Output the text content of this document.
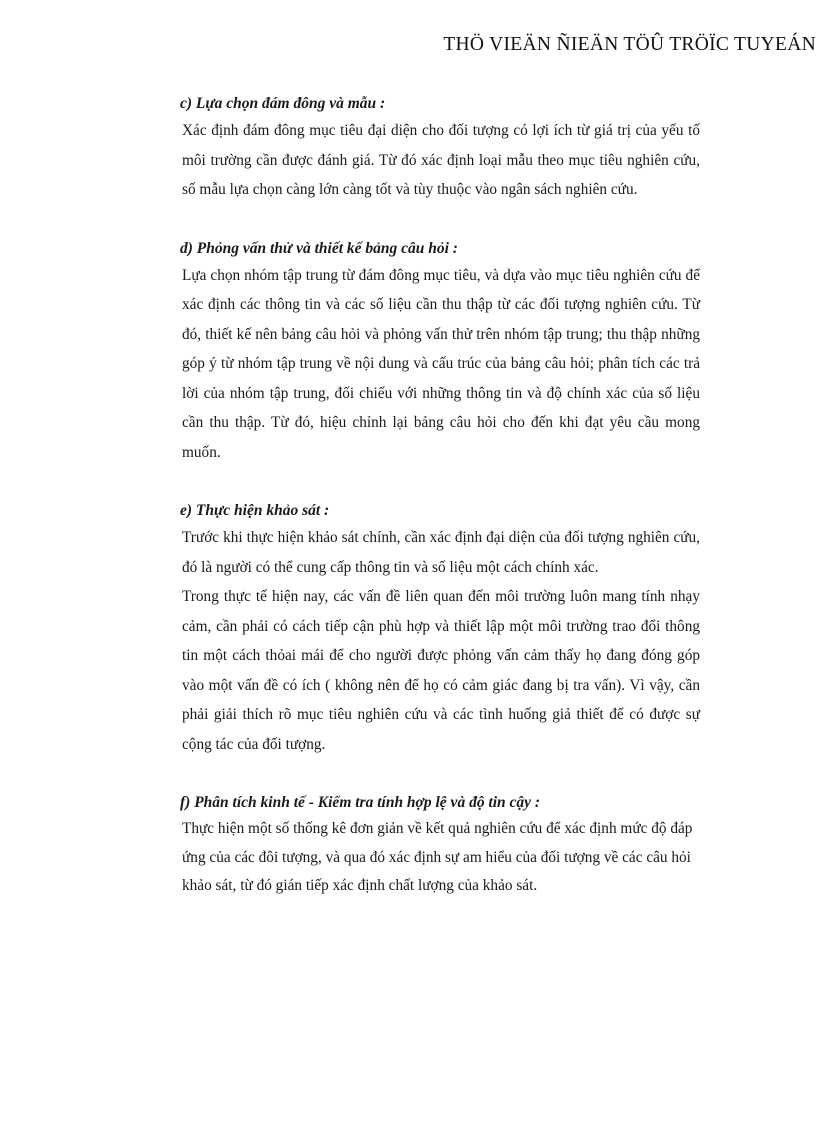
THÖ VIEÄN ÑIEÄN TÖÛ TRÖÏC TUYEÁN
c) Lựa chọn đám đông và mẫu :

Xác định đám đông mục tiêu đại diện cho đối tượng có lợi ích từ giá trị của yếu tố môi trường cần được đánh giá. Từ đó xác định loại mẫu theo mục tiêu nghiên cứu, số mẫu lựa chọn càng lớn càng tốt và tùy thuộc vào ngân sách nghiên cứu.

d) Phỏng vấn thử và thiết kế bảng câu hỏi :

Lựa chọn nhóm tập trung từ đám đông mục tiêu, và dựa vào mục tiêu nghiên cứu để xác định các thông tin và các số liệu cần thu thập từ các đối tượng nghiên cứu. Từ đó, thiết kế nên bảng câu hỏi và phỏng vấn thử trên nhóm tập trung; thu thập những góp ý từ nhóm tập trung về nội dung và cấu trúc của bảng câu hỏi; phân tích các trả lời của nhóm tập trung, đối chiếu với những thông tin và độ chính xác của số liệu cần thu thập. Từ đó, hiệu chỉnh lại bảng câu hỏi cho đến khi đạt yêu cầu mong muốn.

e) Thực hiện khảo sát :

Trước khi thực hiện khảo sát chính, cần xác định đại diện của đối tượng nghiên cứu, đó là người có thể cung cấp thông tin và số liệu một cách chính xác.

Trong thực tế hiện nay, các vấn đề liên quan đến môi trường luôn mang tính nhạy cảm, cần phải có cách tiếp cận phù hợp và thiết lập một môi trường trao đổi thông tin một cách thỏai mái để cho người được phỏng vấn cảm thấy họ đang đóng góp vào một vấn đề có ích ( không nên để họ có cảm giác đang bị tra vấn). Vì vậy, cần phải giải thích rõ mục tiêu nghiên cứu và các tình huống giả thiết để có được sự cộng tác của đối tượng.

f) Phân tích kinh tế - Kiểm tra tính hợp lệ và độ tin cậy :

Thực hiện một số thống kê đơn giản về kết quả nghiên cứu để xác định mức độ đáp ứng của các đôi tượng, và qua đó xác định sự am hiểu của đối tượng về các câu hỏi khảo sát, từ đó gián tiếp xác định chất lượng của khảo sát.
